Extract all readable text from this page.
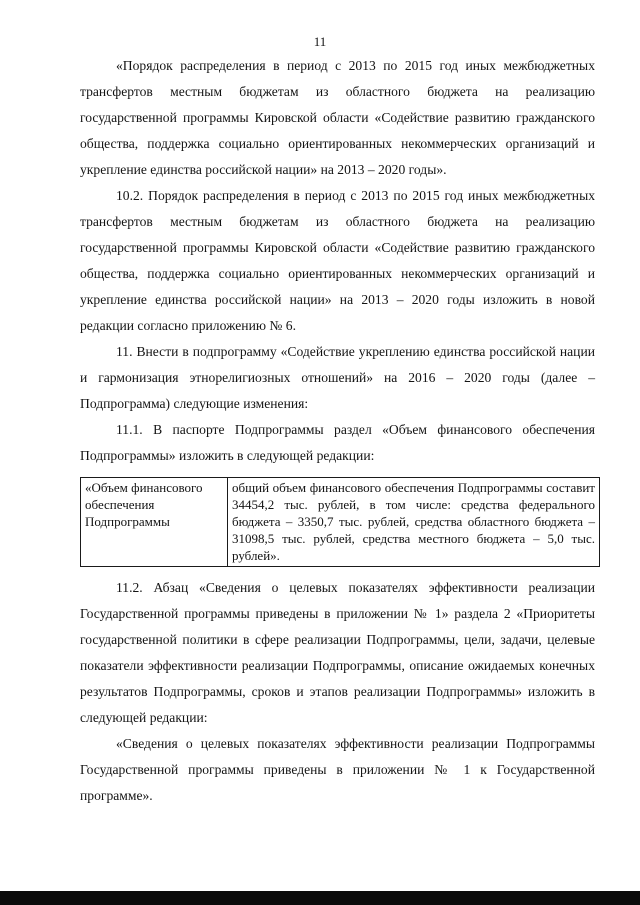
11

«Порядок распределения в период с 2013 по 2015 год иных межбюджетных трансфертов местным бюджетам из областного бюджета на реализацию государственной программы Кировской области «Содействие развитию гражданского общества, поддержка социально ориентированных некоммерческих организаций и укрепление единства российской нации» на 2013 – 2020 годы».

10.2. Порядок распределения в период с 2013 по 2015 год иных межбюджетных трансфертов местным бюджетам из областного бюджета на реализацию государственной программы Кировской области «Содействие развитию гражданского общества, поддержка социально ориентированных некоммерческих организаций и укрепление единства российской нации» на 2013 – 2020 годы изложить в новой редакции согласно приложению № 6.

11. Внести в подпрограмму «Содействие укреплению единства российской нации и гармонизация этнорелигиозных отношений» на 2016 – 2020 годы (далее – Подпрограмма) следующие изменения:

11.1. В паспорте Подпрограммы раздел «Объем финансового обеспечения Подпрограммы» изложить в следующей редакции:

«Объем финансового обеспечения Подпрограммы	общий объем финансового обеспечения Подпрограммы составит 34454,2 тыс. рублей, в том числе: средства федерального бюджета – 3350,7 тыс. рублей, средства областного бюджета – 31098,5 тыс. рублей, средства местного бюджета – 5,0 тыс. рублей».

11.2. Абзац «Сведения о целевых показателях эффективности реализации Государственной программы приведены в приложении № 1» раздела 2 «Приоритеты государственной политики в сфере реализации Подпрограммы, цели, задачи, целевые показатели эффективности реализации Подпрограммы, описание ожидаемых конечных результатов Подпрограммы, сроков и этапов реализации Подпрограммы» изложить в следующей редакции:

«Сведения о целевых показателях эффективности реализации Подпрограммы Государственной программы приведены в приложении № 1 к Государственной программе».
